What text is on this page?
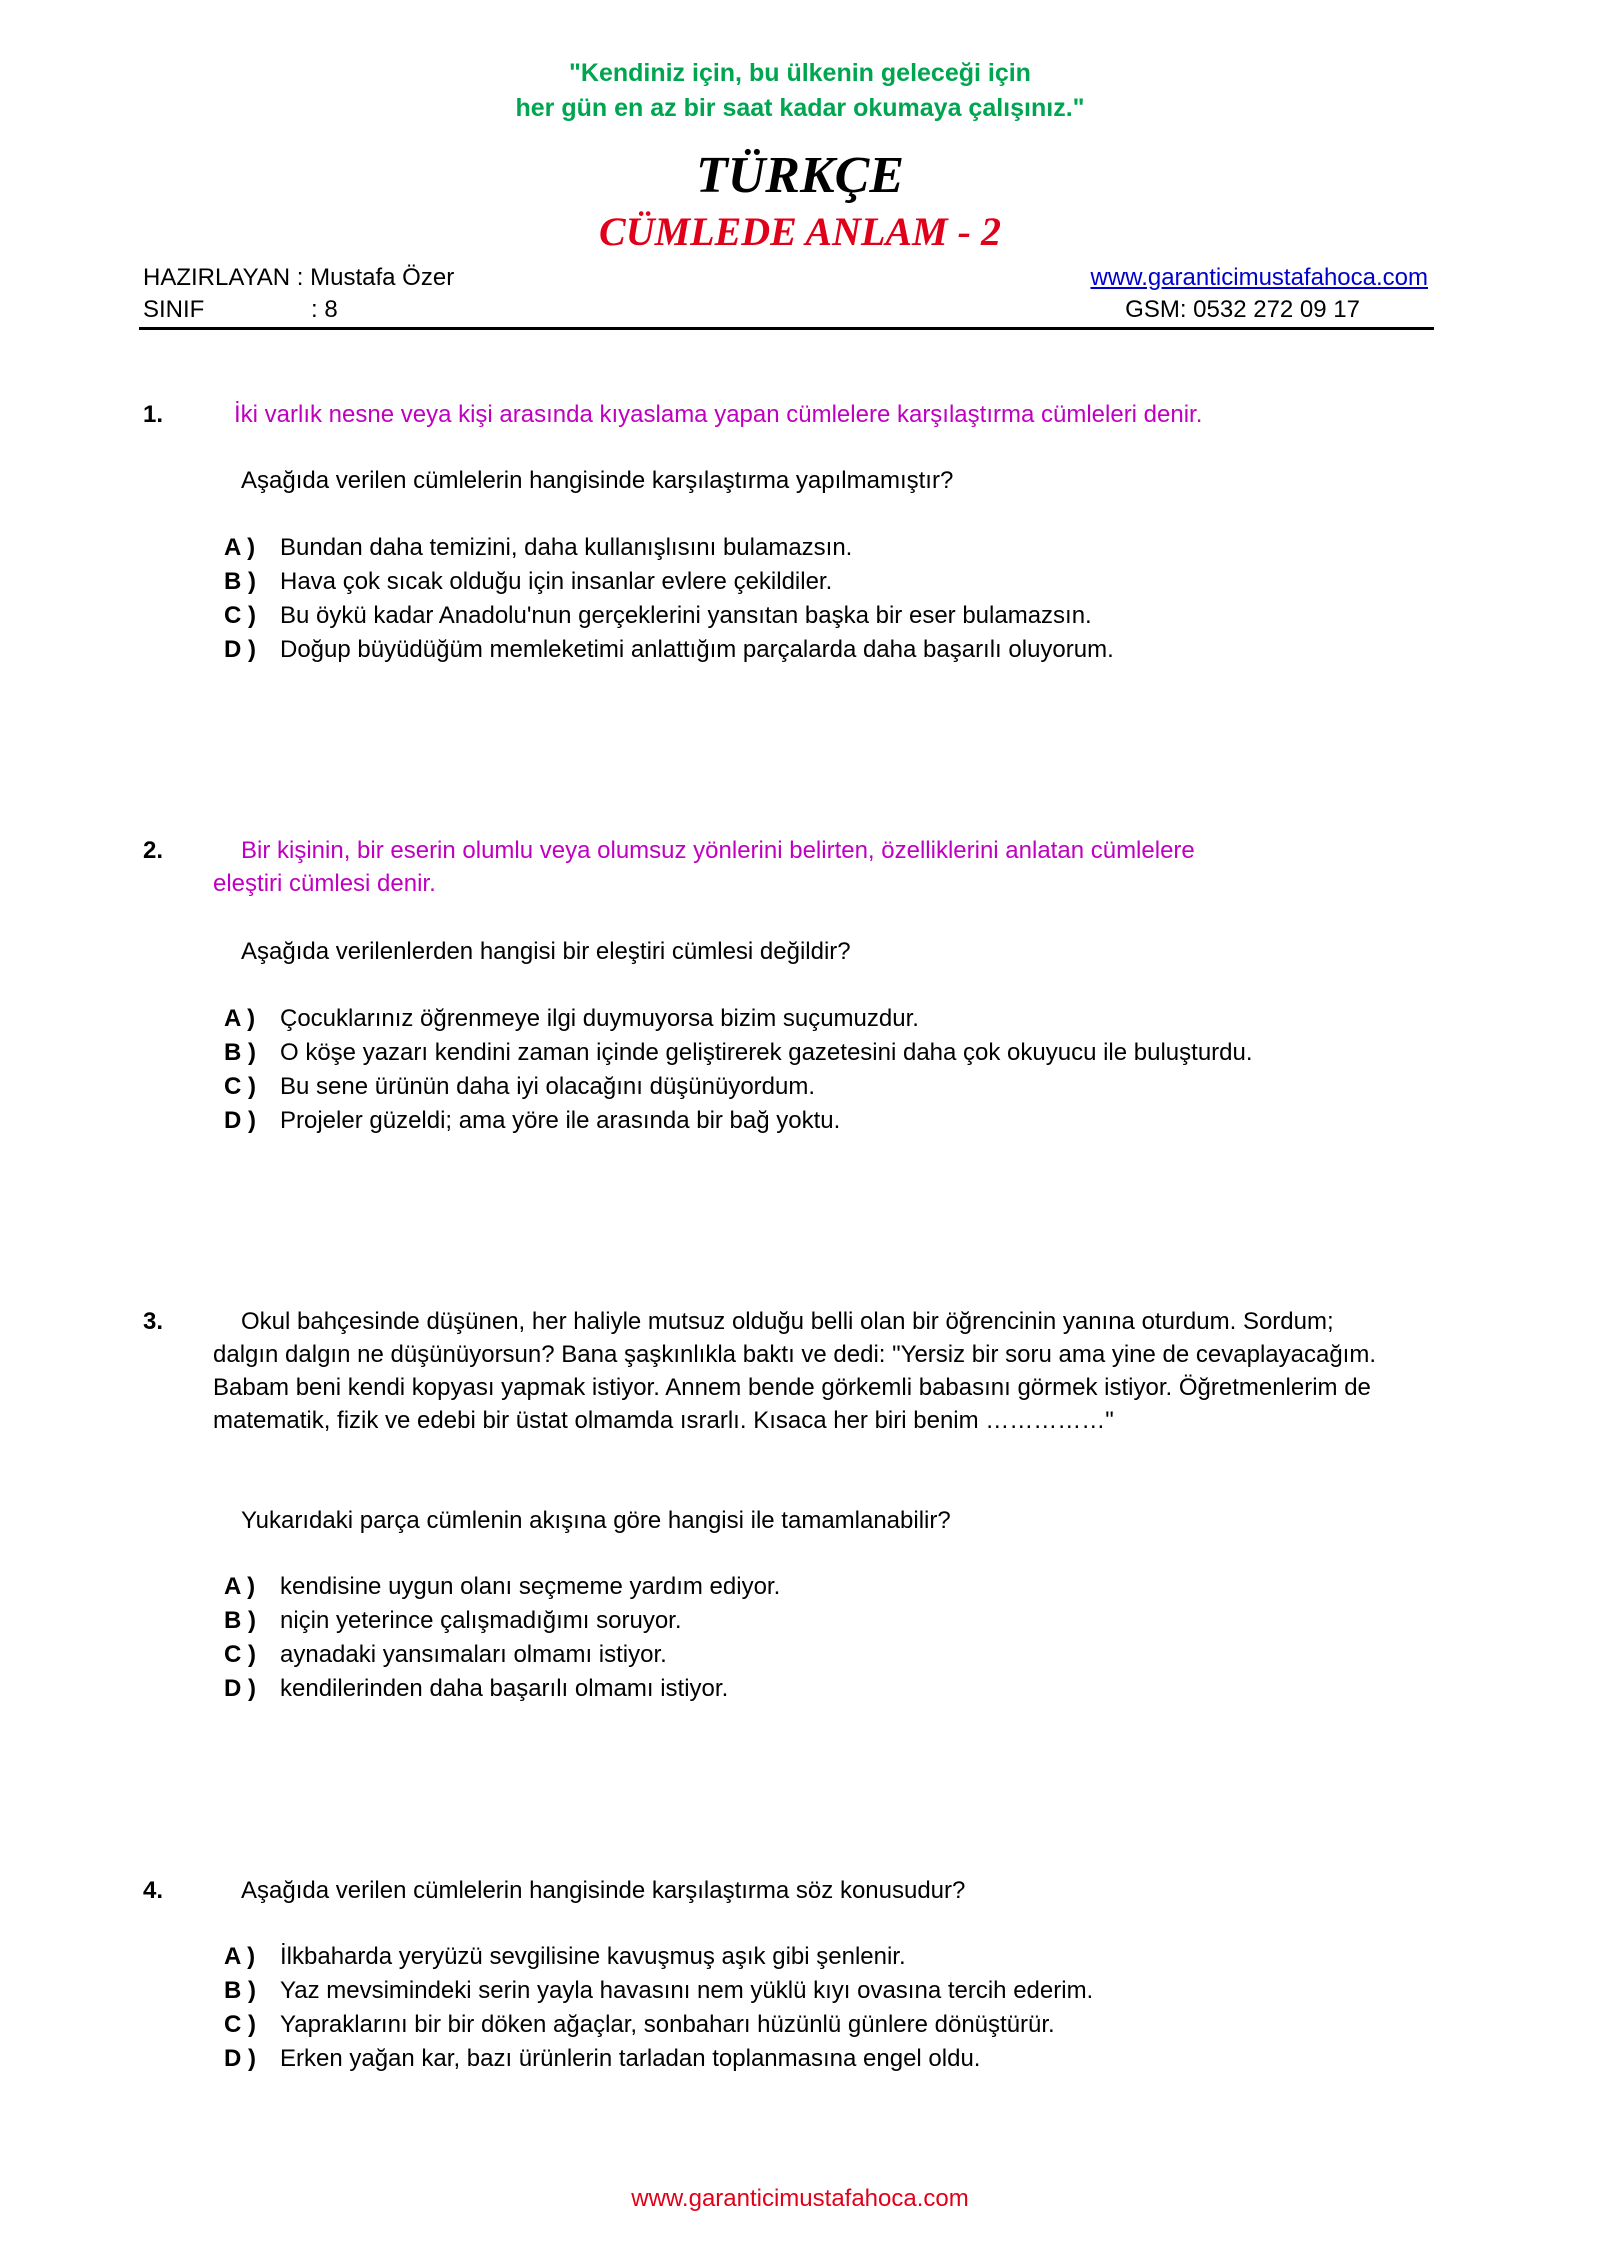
"Kendiniz için, bu ülkenin geleceği için
her gün en az bir saat kadar okumaya çalışınız."
TÜRKÇE
CÜMLEDE ANLAM - 2
HAZIRLAYAN : Mustafa Özer
SINIF	: 8
www.garanticimustafahoca.com
GSM: 0532 272 09 17
1.	İki varlık nesne veya kişi arasında kıyaslama yapan cümlelere karşılaştırma cümleleri denir.
Aşağıda verilen cümlelerin hangisinde karşılaştırma yapılmamıştır?
A )	Bundan daha temizini, daha kullanışlısını bulamazsın.
B )	Hava çok sıcak olduğu için insanlar evlere çekildiler.
C )	Bu öykü kadar Anadolu'nun gerçeklerini yansıtan başka bir eser bulamazsın.
D )	Doğup büyüdüğüm memleketimi anlattığım parçalarda daha başarılı oluyorum.
2.	Bir kişinin, bir eserin olumlu veya olumsuz yönlerini belirten, özelliklerini anlatan cümlelere
eleştiri cümlesi denir.
Aşağıda verilenlerden hangisi bir eleştiri cümlesi değildir?
A )	Çocuklarınız öğrenmeye ilgi duymuyorsa bizim suçumuzdur.
B )	O köşe yazarı kendini zaman içinde geliştirerek gazetesini daha çok okuyucu ile buluşturdu.
C )	Bu sene ürünün daha iyi olacağını düşünüyordum.
D )	Projeler güzeldi; ama yöre ile arasında bir bağ yoktu.
3.	Okul bahçesinde düşünen, her haliyle mutsuz olduğu belli olan bir öğrencinin yanına oturdum. Sordum; dalgın dalgın ne düşünüyorsun? Bana şaşkınlıkla baktı ve dedi: "Yersiz bir soru ama yine de cevaplayacağım. Babam beni kendi kopyası yapmak istiyor. Annem bende görkemli babasını görmek istiyor. Öğretmenlerim de matematik, fizik ve edebi bir üstat olmamda ısrarlı. Kısaca her biri benim ……………"
Yukarıdaki parça cümlenin akışına göre hangisi ile tamamlanabilir?
A )	kendisine uygun olanı seçmeme yardım ediyor.
B )	niçin yeterince çalışmadığımı soruyor.
C )	aynadaki yansımaları olmamı istiyor.
D )	kendilerinden daha başarılı olmamı istiyor.
4.	Aşağıda verilen cümlelerin hangisinde karşılaştırma söz konusudur?
A )	İlkbaharda yeryüzü sevgilisine kavuşmuş aşık gibi şenlenir.
B )	Yaz mevsimindeki serin yayla havasını nem yüklü kıyı ovasına tercih ederim.
C )	Yapraklarını bir bir döken ağaçlar, sonbaharı hüzünlü günlere dönüştürür.
D )	Erken yağan kar, bazı ürünlerin tarladan toplanmasına engel oldu.
www.garanticimustafahoca.com
